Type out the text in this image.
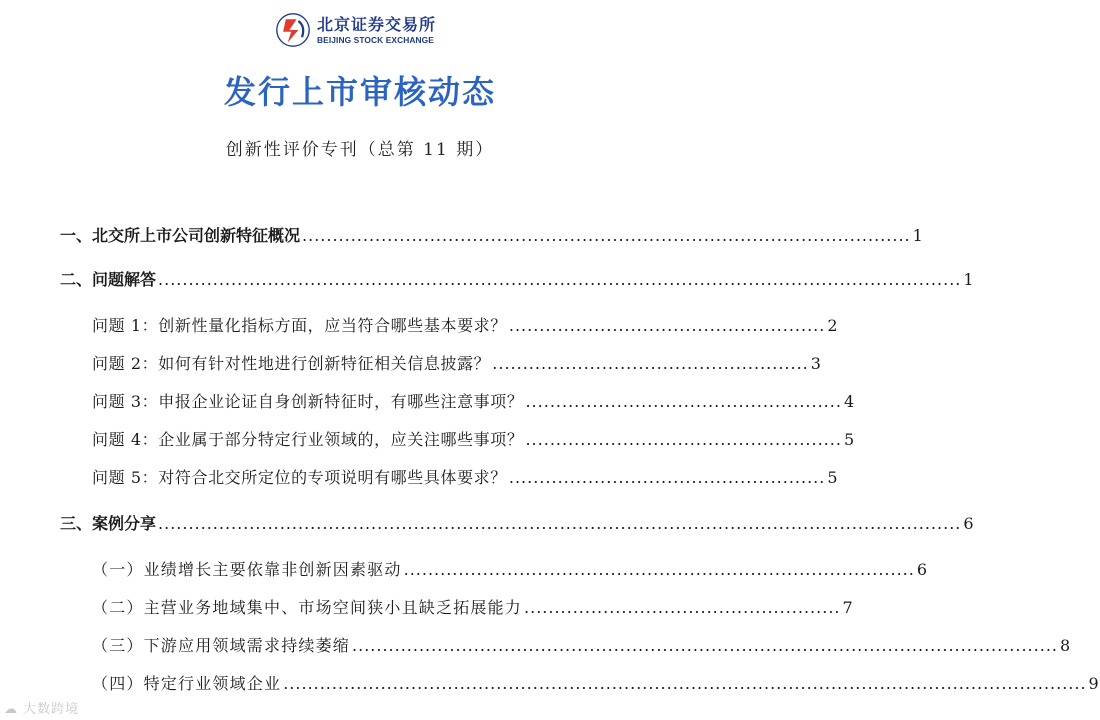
北京证券交易所
BEIJING STOCK EXCHANGE
发行上市审核动态
创新性评价专刊（总第 11 期）
一、北交所上市公司创新特征概况 .................................................................................................... 1
二、问题解答 .................................................................................................................................... 1
问题 1：创新性量化指标方面，应当符合哪些基本要求？ .................................................... 2
问题 2：如何有针对性地进行创新特征相关信息披露？ .................................................... 3
问题 3：申报企业论证自身创新特征时，有哪些注意事项？ .................................................... 4
问题 4：企业属于部分特定行业领域的，应关注哪些事项？ .................................................... 5
问题 5：对符合北交所定位的专项说明有哪些具体要求？ .................................................... 5
三、案例分享 .................................................................................................................................... 6
（一）业绩增长主要依靠非创新因素驱动 .................................................................................... 6
（二）主营业务地域集中、市场空间狭小且缺乏拓展能力 .................................................... 7
（三）下游应用领域需求持续萎缩 .................................................................................................................... 8
（四）特定行业领域企业 .................................................................................................................................... 9
☁ 大数跨境
